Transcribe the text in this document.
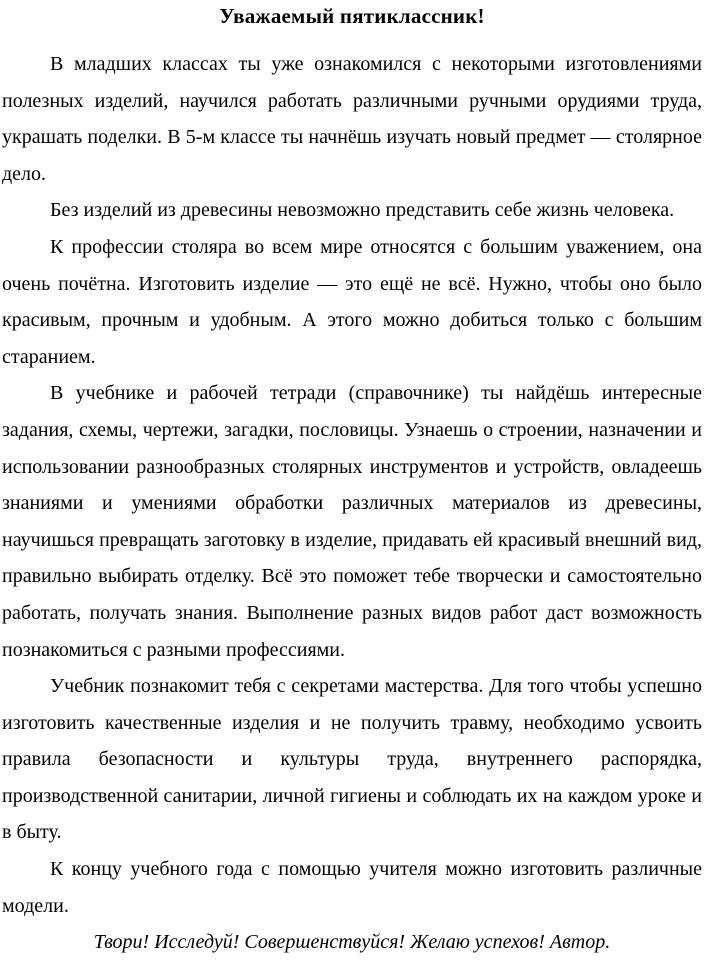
Уважаемый пятиклассник!

В младших классах ты уже ознакомился с некоторыми изготовлениями полезных изделий, научился работать различными ручными орудиями труда, украшать поделки. В 5-м классе ты начнёшь изучать новый предмет — столярное дело.

Без изделий из древесины невозможно представить себе жизнь человека.

К профессии столяра во всем мире относятся с большим уважением, она очень почётна. Изготовить изделие — это ещё не всё. Нужно, чтобы оно было красивым, прочным и удобным. А этого можно добиться только с большим старанием.

В учебнике и рабочей тетради (справочнике) ты найдёшь интересные задания, схемы, чертежи, загадки, пословицы. Узнаешь о строении, назначении и использовании разнообразных столярных инструментов и устройств, овладеешь знаниями и умениями обработки различных материалов из древесины, научишься превращать заготовку в изделие, придавать ей красивый внешний вид, правильно выбирать отделку. Всё это поможет тебе творчески и самостоятельно работать, получать знания. Выполнение разных видов работ даст возможность познакомиться с разными профессиями.

Учебник познакомит тебя с секретами мастерства. Для того чтобы успешно изготовить качественные изделия и не получить травму, необходимо усвоить правила безопасности и культуры труда, внутреннего распорядка, производственной санитарии, личной гигиены и соблюдать их на каждом уроке и в быту.

К концу учебного года с помощью учителя можно изготовить различные модели.

Твори! Исследуй! Совершенствуйся! Желаю успехов! Автор.
